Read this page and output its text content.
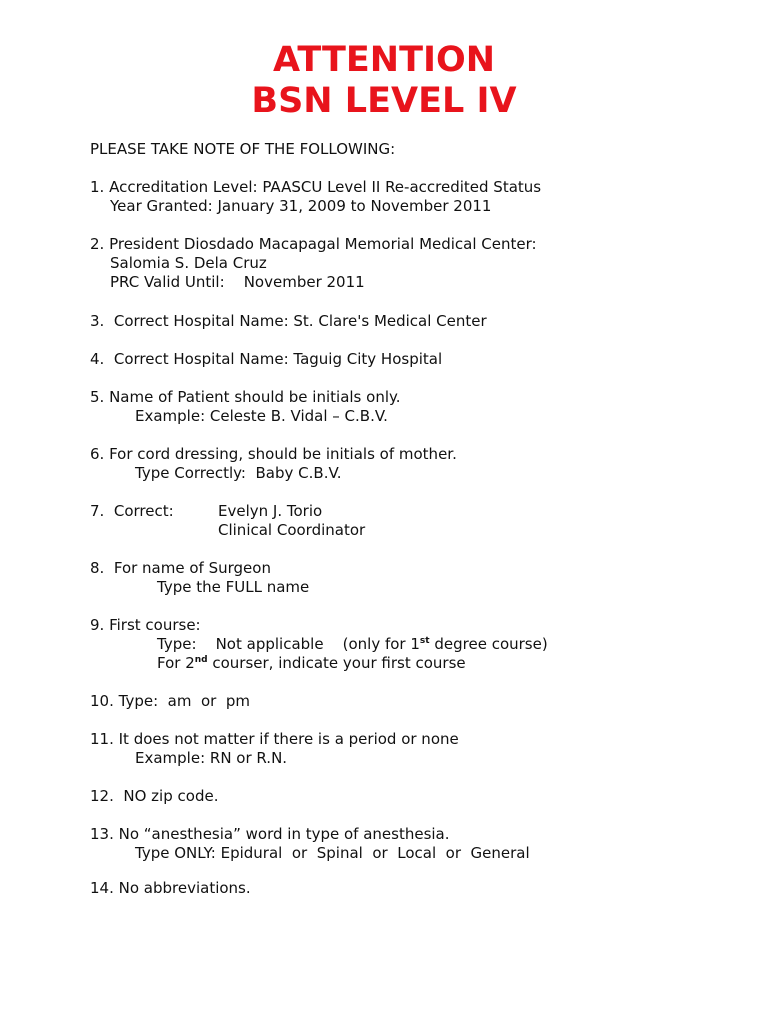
ATTENTION
BSN LEVEL IV

PLEASE TAKE NOTE OF THE FOLLOWING:

1. Accreditation Level: PAASCU Level II Re-accredited Status

Year Granted: January 31, 2009 to November 2011

2. President Diosdado Macapagal Memorial Medical Center:

Salomia S. Dela Cruz

PRC Valid Until:    November 2011

3.  Correct Hospital Name: St. Clare's Medical Center

4.  Correct Hospital Name: Taguig City Hospital

5. Name of Patient should be initials only.

Example: Celeste B. Vidal – C.B.V.

6. For cord dressing, should be initials of mother.

Type Correctly:  Baby C.B.V.

7.  Correct:	Evelyn J. Torio

Clinical Coordinator

8.  For name of Surgeon

Type the FULL name

9. First course:

Type:    Not applicable    (only for 1st degree course)

For 2nd courser, indicate your first course

10. Type:  am  or  pm

11. It does not matter if there is a period or none

Example: RN or R.N.

12.  NO zip code.

13. No “anesthesia” word in type of anesthesia.

Type ONLY: Epidural  or  Spinal  or  Local  or  General

14. No abbreviations.
